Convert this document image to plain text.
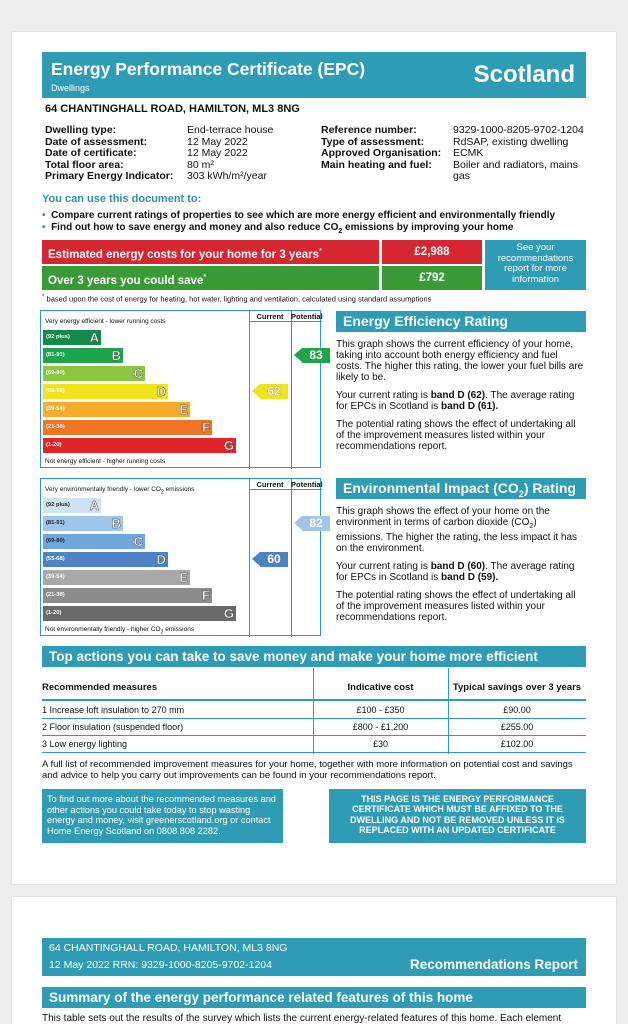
Energy Performance Certificate (EPC)
Dwellings	Scotland
64 CHANTINGHALL ROAD, HAMILTON, ML3 8NG
Dwelling type:	End-terrace house
Date of assessment:	12 May 2022
Date of certificate:	12 May 2022
Total floor area:	80 m²
Primary Energy Indicator: 303 kWh/m²/year
Reference number:	9329-1000-8205-9702-1204
Type of assessment:	RdSAP, existing dwelling
Approved Organisation: ECMK
Main heating and fuel: Boiler and radiators, mains gas
You can use this document to:
• Compare current ratings of properties to see which are more energy efficient and environmentally friendly
• Find out how to save energy and money and also reduce $CO_2$ emissions by improving your home
Estimated energy costs for your home for 3 years*	£2,988
Over 3 years you could save*	£792
See your recommendations report for more information
* based upon the cost of energy for heating, hot water, lighting and ventilation, calculated using standard assumptions
Current Potential
Very energy efficient - lower running costs
Not energy efficient - higher running costs
(92 plus) A
(81-91)	B
(69-80)	C
(55-68)	D
(39-54)	E
(21-38)	F
(1-20)	G
62
83
Current Potential
Very environmentally friendly - lower $CO_2$ emissions
Not environmentally friendly - higher $CO_2$ emissions
(92 plus) A
(81-91)	B
(69-80)	C
(55-68)	D
(39-54)	E
(21-38)	F
(1-20)	G
60
82
Energy Efficiency Rating

This graph shows the current efficiency of your home, taking into account both energy efficiency and fuel costs. The higher this rating, the lower your fuel bills are likely to be.

Your current rating is band D (62). The average rating for EPCs in Scotland is band D (61).

The potential rating shows the effect of undertaking all of the improvement measures listed within your recommendations report.

Environmental Impact $(CO_2)$ Rating

This graph shows the effect of your home on the environment in terms of carbon dioxide $(CO_2)$ emissions. The higher the rating, the less impact it has on the environment.

Your current rating is band D (60). The average rating for EPCs in Scotland is band D (59).

The potential rating shows the effect of undertaking all of the improvement measures listed within your recommendations report.

Top actions you can take to save money and make your home more efficient
Recommended measures	Indicative cost	Typical savings over 3 years
1 Increase loft insulation to 270 mm	£100 - £350	£90.00
2 Floor insulation (suspended floor)	£800 - £1,200	£255.00
3 Low energy lighting	£30	£102.00
A full list of recommended improvement measures for your home, together with more information on potential cost and savings and advice to help you carry out improvements can be found in your recommendations report.
To find out more about the recommended measures and other actions you could take today to stop wasting energy and money, visit greenerscotland.org or contact Home Energy Scotland on 0808 808 2282.
THIS PAGE IS THE ENERGY PERFORMANCE CERTIFICATE WHICH MUST BE AFFIXED TO THE DWELLING AND NOT BE REMOVED UNLESS IT IS REPLACED WITH AN UPDATED CERTIFICATE
64 CHANTINGHALL ROAD, HAMILTON, ML3 8NG
12 May 2022 RRN: 9329-1000-8205-9702-1204	Recommendations Report
Summary of the energy performance related features of this home
This table sets out the results of the survey which lists the current energy-related features of this home. Each element
